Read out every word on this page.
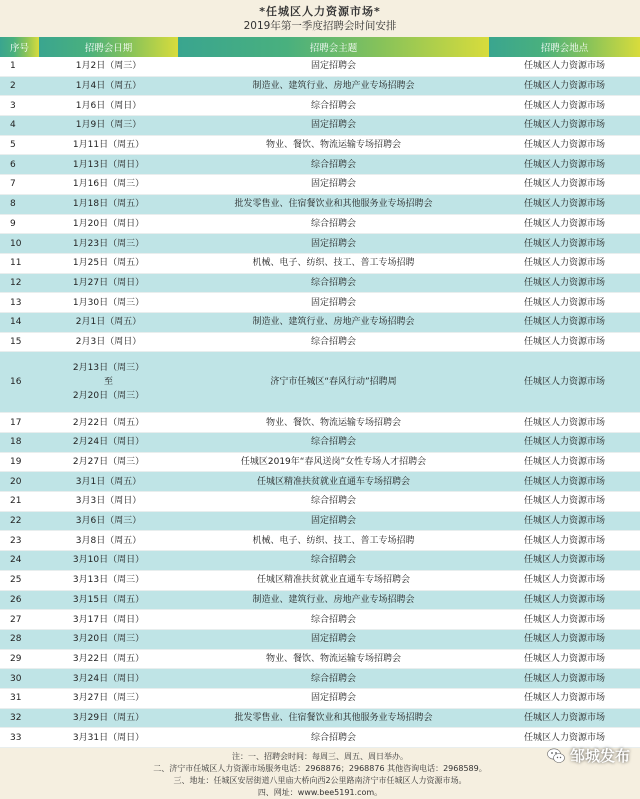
*任城区人力资源市场*
2019年第一季度招聘会时间安排
序号	招聘会日期	招聘会主题	招聘会地点
1	1月2日（周三）	固定招聘会	任城区人力资源市场
2	1月4日（周五）	制造业、建筑行业、房地产业专场招聘会	任城区人力资源市场
3	1月6日（周日）	综合招聘会	任城区人力资源市场
4	1月9日（周三）	固定招聘会	任城区人力资源市场
5	1月11日（周五）	物业、餐饮、物流运输专场招聘会	任城区人力资源市场
6	1月13日（周日）	综合招聘会	任城区人力资源市场
7	1月16日（周三）	固定招聘会	任城区人力资源市场
8	1月18日（周五）	批发零售业、住宿餐饮业和其他服务业专场招聘会	任城区人力资源市场
9	1月20日（周日）	综合招聘会	任城区人力资源市场
10	1月23日（周三）	固定招聘会	任城区人力资源市场
11	1月25日（周五）	机械、电子、纺织、技工、普工专场招聘	任城区人力资源市场
12	1月27日（周日）	综合招聘会	任城区人力资源市场
13	1月30日（周三）	固定招聘会	任城区人力资源市场
14	2月1日（周五）	制造业、建筑行业、房地产业专场招聘会	任城区人力资源市场
15	2月3日（周日）	综合招聘会	任城区人力资源市场
16	2月13日（周三）
至
2月20日（周三）	济宁市任城区“春风行动”招聘周	任城区人力资源市场
17	2月22日（周五）	物业、餐饮、物流运输专场招聘会	任城区人力资源市场
18	2月24日（周日）	综合招聘会	任城区人力资源市场
19	2月27日（周三）	任城区2019年“春风送岗”女性专场人才招聘会	任城区人力资源市场
20	3月1日（周五）	任城区精准扶贫就业直通车专场招聘会	任城区人力资源市场
21	3月3日（周日）	综合招聘会	任城区人力资源市场
22	3月6日（周三）	固定招聘会	任城区人力资源市场
23	3月8日（周五）	机械、电子、纺织、技工、普工专场招聘	任城区人力资源市场
24	3月10日（周日）	综合招聘会	任城区人力资源市场
25	3月13日（周三）	任城区精准扶贫就业直通车专场招聘会	任城区人力资源市场
26	3月15日（周五）	制造业、建筑行业、房地产业专场招聘会	任城区人力资源市场
27	3月17日（周日）	综合招聘会	任城区人力资源市场
28	3月20日（周三）	固定招聘会	任城区人力资源市场
29	3月22日（周五）	物业、餐饮、物流运输专场招聘会	任城区人力资源市场
30	3月24日（周日）	综合招聘会	任城区人力资源市场
31	3月27日（周三）	固定招聘会	任城区人力资源市场
32	3月29日（周五）	批发零售业、住宿餐饮业和其他服务业专场招聘会	任城区人力资源市场
33	3月31日（周日）	综合招聘会	任城区人力资源市场
注：一、招聘会时间：每周三、周五、周日举办。
二、济宁市任城区人力资源市场服务电话：2968876；2968876 其他咨询电话：2968589。
三、地址：任城区安居街道八里庙大桥向西2公里路南济宁市任城区人力资源市场。
四、网址：www.bee5191.com。
邹城发布
